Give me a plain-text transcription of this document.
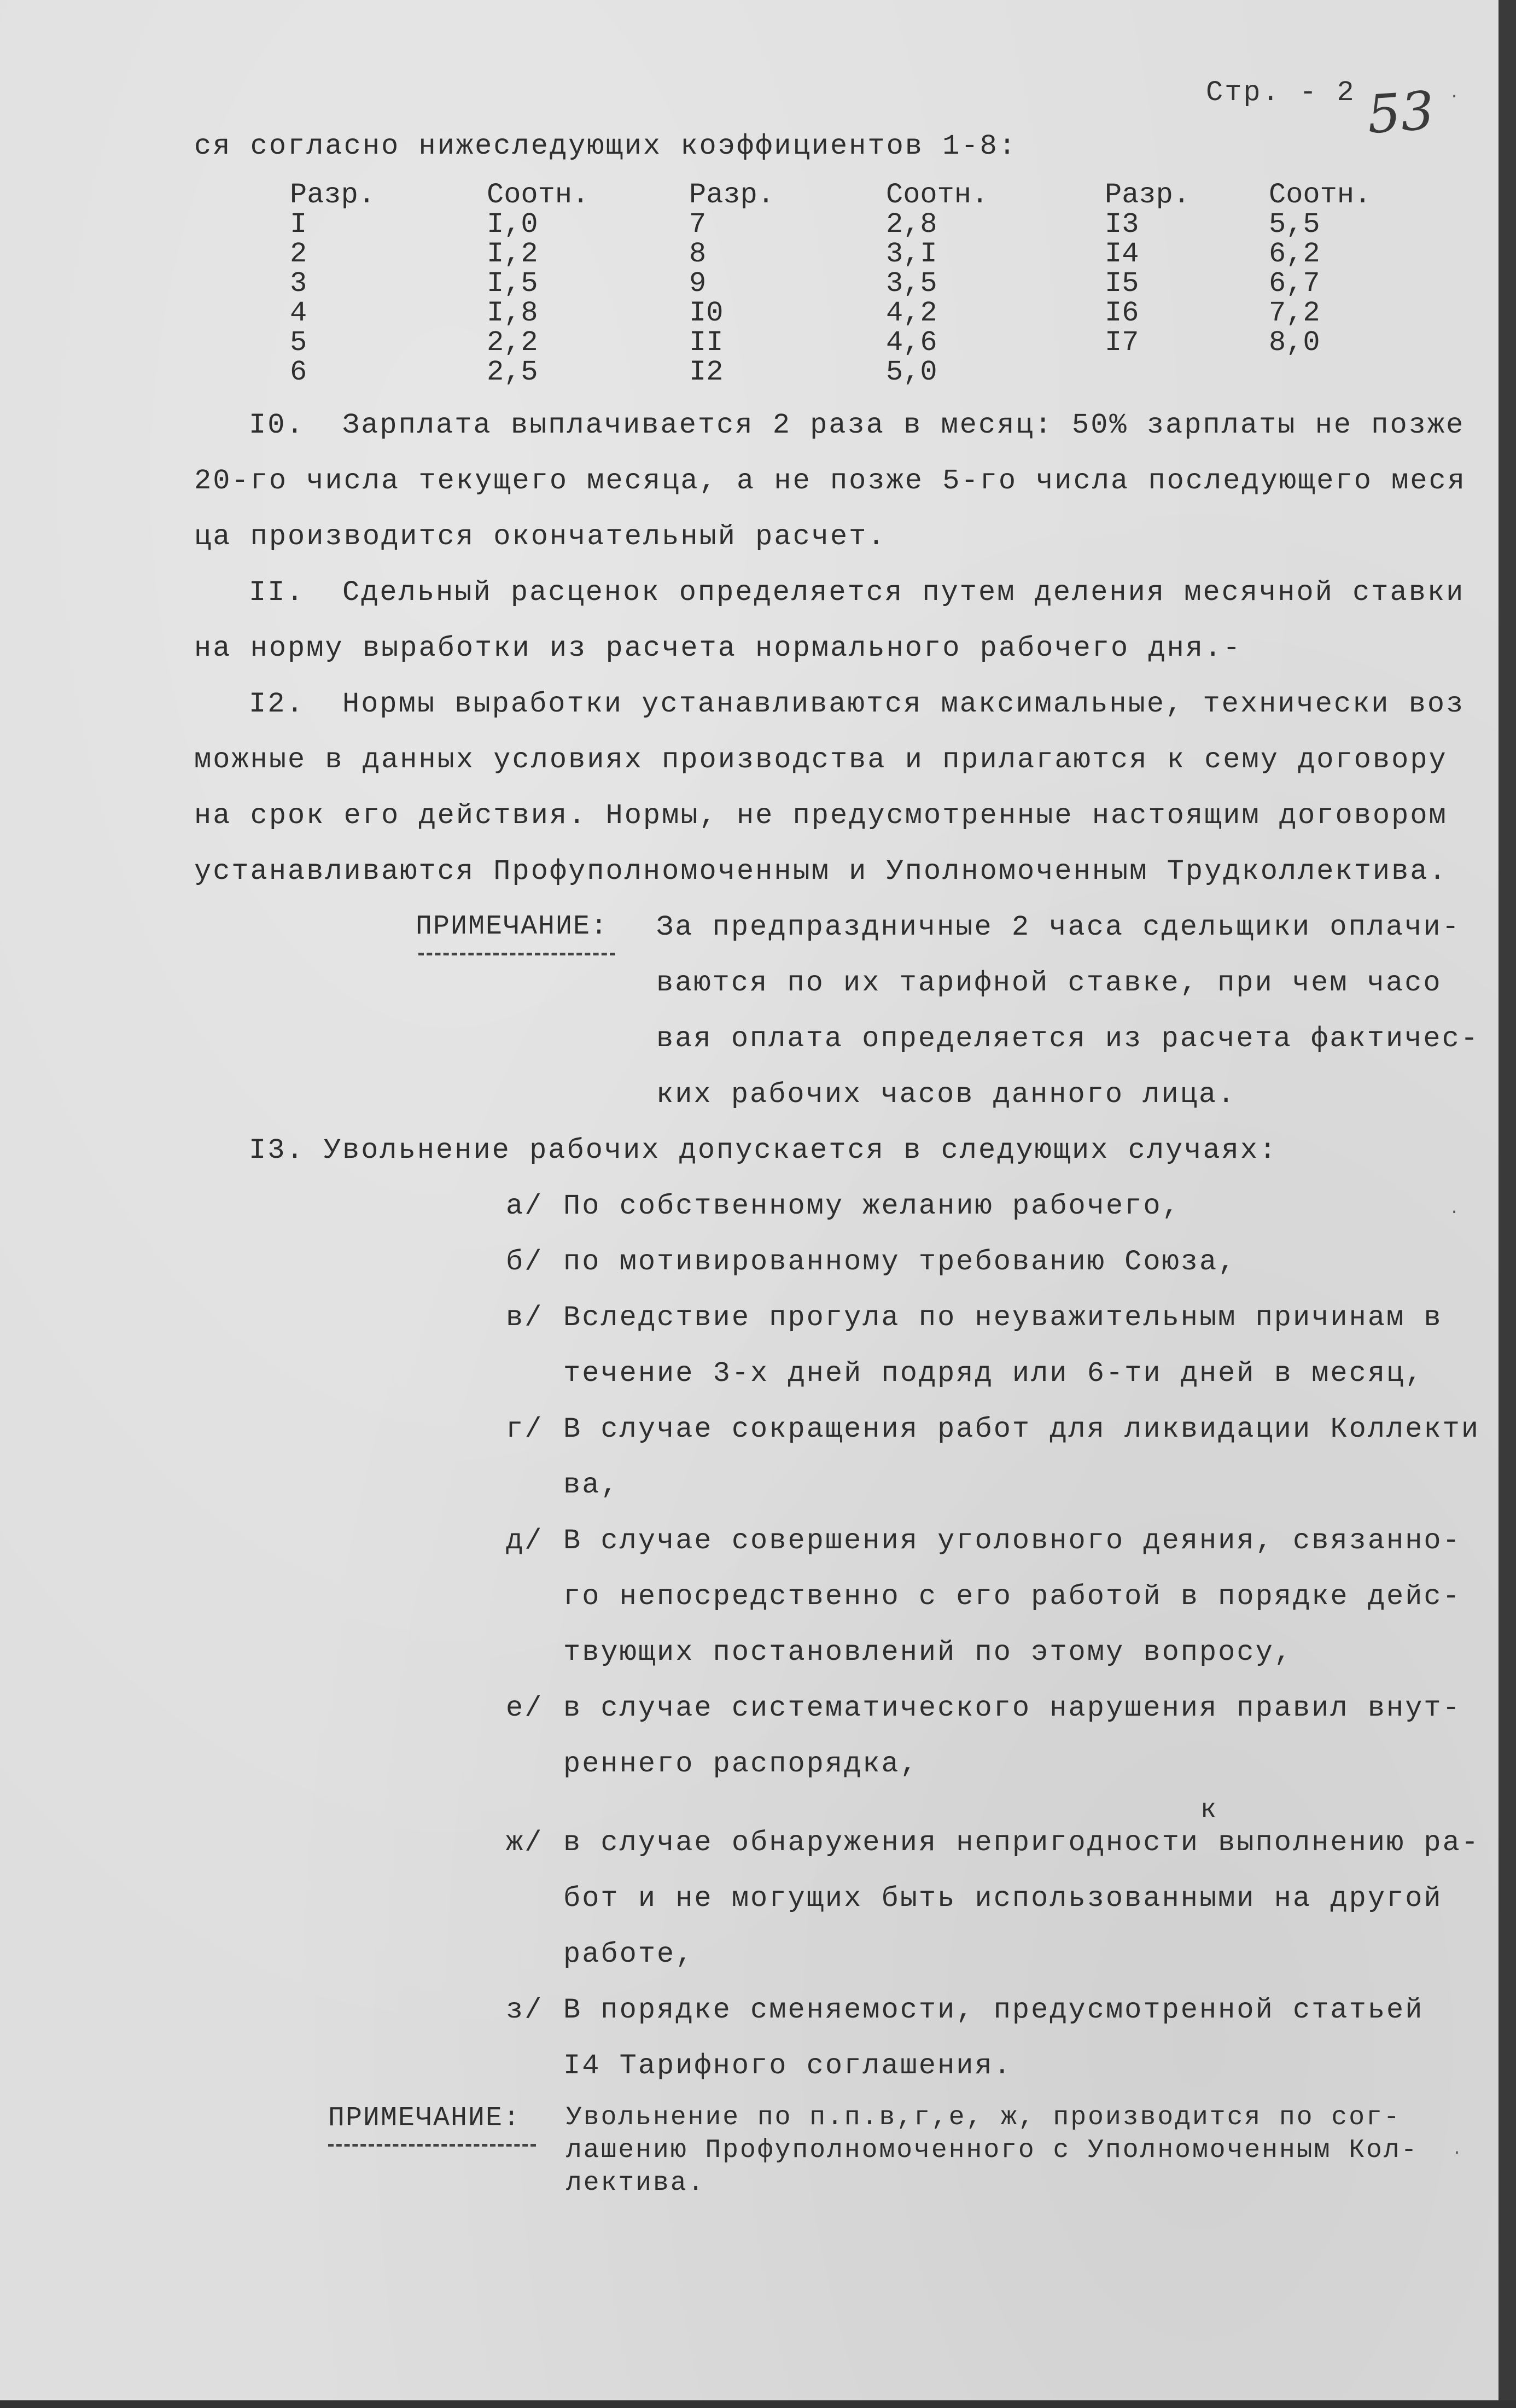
Стр. - 2 53 ·
·
·
ся согласно нижеследующих коэффициентов 1-8:
Разр.	Соотн.	Разр.	Соотн.	Разр.	Соотн.
I	I,0	7	2,8	I3	5,5
2	I,2	8	3,I	I4	6,2
3	I,5	9	3,5	I5	6,7
4	I,8	I0	4,2	I6	7,2
5	2,2	II	4,6	I7	8,0
6	2,5	I2	5,0		
I0.  Зарплата выплачивается 2 раза в месяц: 50% зарплаты не позже
20-го числа текущего месяца, а не позже 5-го числа последующего меся
ца производится окончательный расчет.
II.  Сдельный расценок определяется путем деления месячной ставки
на норму выработки из расчета нормального рабочего дня.-
I2.  Нормы выработки устанавливаются максимальные, технически воз
можные в данных условиях производства и прилагаются к сему договору
на срок его действия. Нормы, не предусмотренные настоящим договором
устанавливаются Профуполномоченным и Уполномоченным Трудколлектива.
ПРИМЕЧАНИЕ: За предпраздничные 2 часа сдельщики оплачи-
ваются по их тарифной ставке, при чем часо
вая оплата определяется из расчета фактичес-
ких рабочих часов данного лица.
I3. Увольнение рабочих допускается в следующих случаях:
а/ По собственному желанию рабочего,
б/ по мотивированному требованию Союза,
в/ Вследствие прогула по неуважительным причинам в
течение 3-х дней подряд или 6-ти дней в месяц,
г/ В случае сокращения работ для ликвидации Коллекти
ва,
д/ В случае совершения уголовного деяния, связанно-
го непосредственно с его работой в порядке дейс-
твующих постановлений по этому вопросу,
е/ в случае систематического нарушения правил внут-
реннего распорядка,
ж/ в случае обнаружения непригодности выполнению ра-
бот и не могущих быть использованными на другой
работе,
з/ В порядке сменяемости, предусмотренной статьей
I4 Тарифного соглашения.
ПРИМЕЧАНИЕ:
к
Увольнение по п.п.в,г,е, ж, производится по сог-
лашению Профуполномоченного с Уполномоченным Кол-
лектива.
